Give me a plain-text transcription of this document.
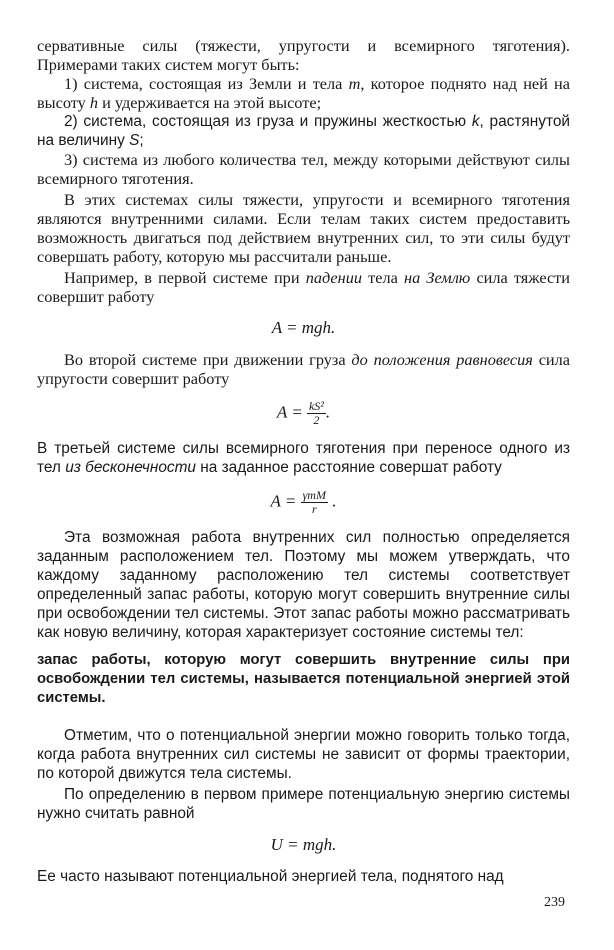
сервативные силы (тяжести, упругости и всемирного тяготения). Примерами таких систем могут быть:

1) система, состоящая из Земли и тела m, которое поднято над ней на высоту h и удерживается на этой высоте;

2) система, состоящая из груза и пружины жесткостью k, растянутой на величину S;

3) система из любого количества тел, между которыми действуют силы всемирного тяготения.

В этих системах силы тяжести, упругости и всемирного тяготения являются внутренними силами. Если телам таких систем предоставить возможность двигаться под действием внутренних сил, то эти силы будут совершать работу, которую мы рассчитали раньше.

Например, в первой системе при падении тела на Землю сила тяжести совершит работу

A = mgh.

Во второй системе при движении груза до положения равновесия сила упругости совершит работу

$A = \frac{\text{kS²}}{2}$ .

В третьей системе силы всемирного тяготения при переносе одного из тел из бесконечности на заданное расстояние совершат работу

$A = \frac{\text{γmM}}{r}$ .

Эта возможная работа внутренних сил полностью определяется заданным расположением тел. Поэтому мы можем утверждать, что каждому заданному расположению тел системы соответствует определенный запас работы, которую могут совершить внутренние силы при освобождении тел системы. Этот запас работы можно рассматривать как новую величину, которая характеризует состояние системы тел:

запас работы, которую могут совершить внутренние силы при освобождении тел системы, называется потенциальной энергией этой системы.

Отметим, что о потенциальной энергии можно говорить только тогда, когда работа внутренних сил системы не зависит от формы траектории, по которой движутся тела системы.

По определению в первом примере потенциальную энергию системы нужно считать равной

U = mgh.

Ее часто называют потенциальной энергией тела, поднятого над

239
